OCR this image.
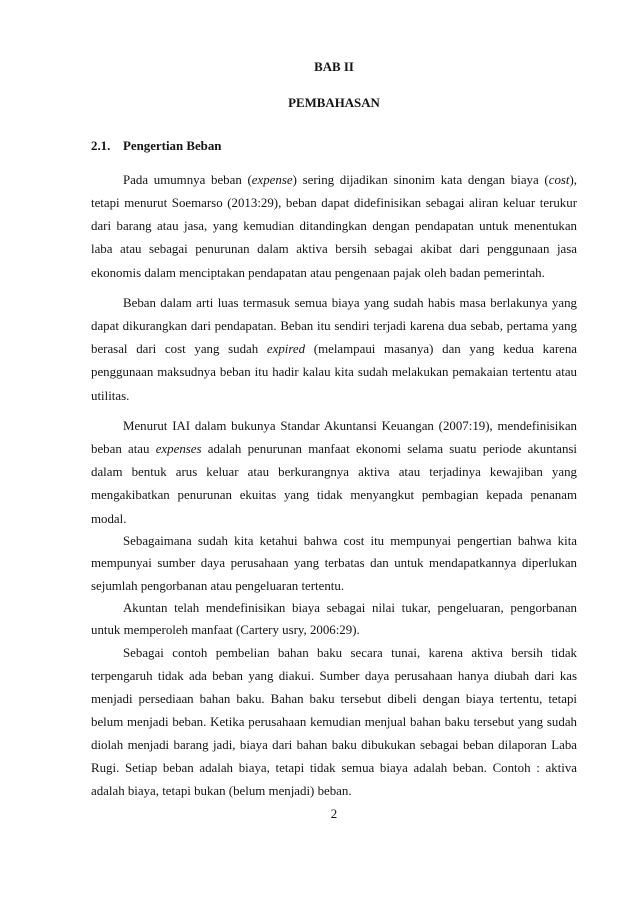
BAB II
PEMBAHASAN
2.1. Pengertian Beban
Pada umumnya beban (expense) sering dijadikan sinonim kata dengan biaya (cost),
tetapi menurut Soemarso (2013:29), beban dapat didefinisikan sebagai aliran keluar terukur
dari barang atau jasa, yang kemudian ditandingkan dengan pendapatan untuk menentukan
laba atau sebagai penurunan dalam aktiva bersih sebagai akibat dari penggunaan jasa
ekonomis dalam menciptakan pendapatan atau pengenaan pajak oleh badan pemerintah.
Beban dalam arti luas termasuk semua biaya yang sudah habis masa berlakunya yang
dapat dikurangkan dari pendapatan. Beban itu sendiri terjadi karena dua sebab, pertama yang
berasal dari cost yang sudah expired (melampaui masanya) dan yang kedua karena
penggunaan maksudnya beban itu hadir kalau kita sudah melakukan pemakaian tertentu atau
utilitas.
Menurut IAI dalam bukunya Standar Akuntansi Keuangan (2007:19), mendefinisikan
beban atau expenses adalah penurunan manfaat ekonomi selama suatu periode akuntansi
dalam bentuk arus keluar atau berkurangnya aktiva atau terjadinya kewajiban yang
mengakibatkan penurunan ekuitas yang tidak menyangkut pembagian kepada penanam
modal.
Sebagaimana sudah kita ketahui bahwa cost itu mempunyai pengertian bahwa kita
mempunyai sumber daya perusahaan yang terbatas dan untuk mendapatkannya diperlukan
sejumlah pengorbanan atau pengeluaran tertentu.
Akuntan telah mendefinisikan biaya sebagai nilai tukar, pengeluaran, pengorbanan
untuk memperoleh manfaat (Cartery usry, 2006:29).
Sebagai contoh pembelian bahan baku secara tunai, karena aktiva bersih tidak
terpengaruh tidak ada beban yang diakui. Sumber daya perusahaan hanya diubah dari kas
menjadi persediaan bahan baku. Bahan baku tersebut dibeli dengan biaya tertentu, tetapi
belum menjadi beban. Ketika perusahaan kemudian menjual bahan baku tersebut yang sudah
diolah menjadi barang jadi, biaya dari bahan baku dibukukan sebagai beban dilaporan Laba
Rugi. Setiap beban adalah biaya, tetapi tidak semua biaya adalah beban. Contoh : aktiva
adalah biaya, tetapi bukan (belum menjadi) beban.
2
